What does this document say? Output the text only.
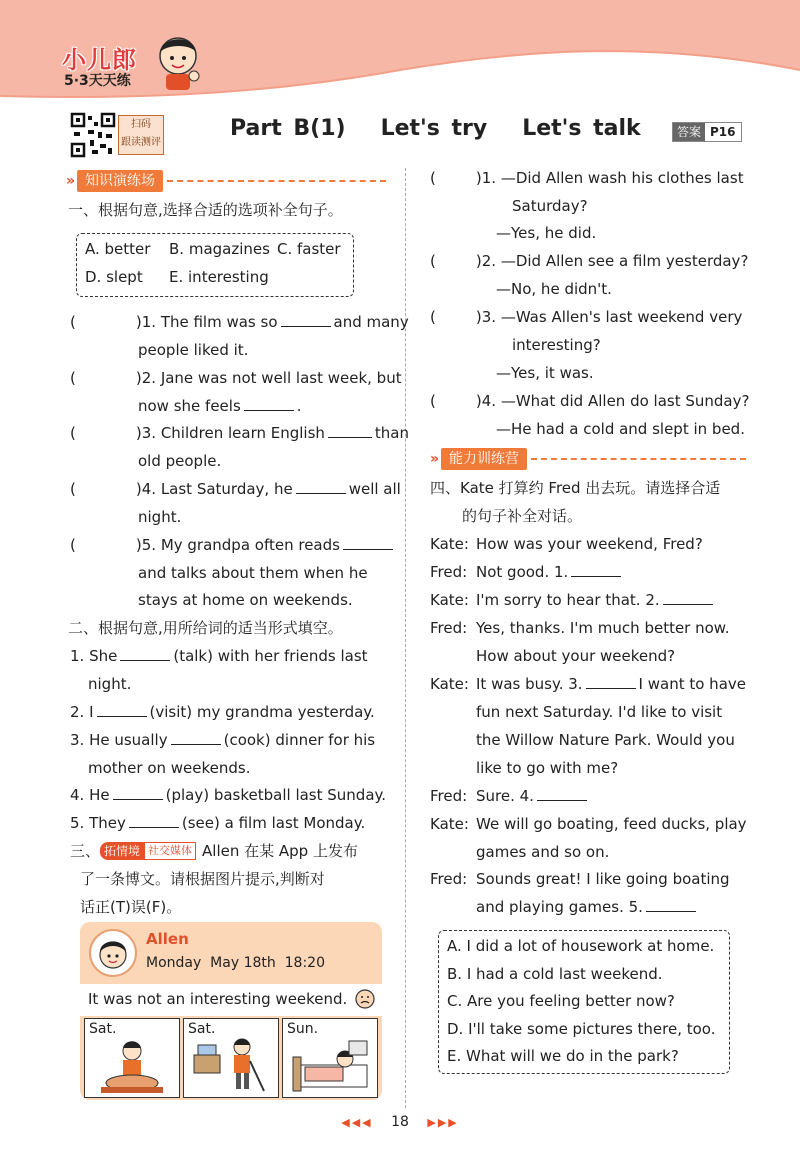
小儿郎
5·3天天练
扫码
跟读测评
Part B(1)   Let's try   Let's talk	答案 P16
» 知识演练场
一、根据句意,选择合适的选项补全句子。
A. better B. magazines C. faster
D. slept E. interesting
(	)1. The film was so	and many
people liked it.
(	)2. Jane was not well last week, but
now she feels	.
(	)3. Children learn English	than
old people.
(	)4. Last Saturday, he	well all
night.
(	)5. My grandpa often reads
and talks about them when he
stays at home on weekends.
二、根据句意,用所给词的适当形式填空。
1. She	(talk) with her friends last
night.
2. I	(visit) my grandma yesterday.
3. He usually	(cook) dinner for his
mother on weekends.
4. He	(play) basketball last Sunday.
5. They	(see) a film last Monday.
三、 拓情境 社交媒体 Allen 在某 App 上发布
了一条博文。请根据图片提示,判断对
话正(T)误(F)。
Allen
Monday  May 18th  18:20
It was not an interesting weekend.
Sat.	Sat.	Sun.
(	)1. —Did Allen wash his clothes last
Saturday?
—Yes, he did.
(	)2. —Did Allen see a film yesterday?
—No, he didn't.
(	)3. —Was Allen's last weekend very
interesting?
—Yes, it was.
(	)4. —What did Allen do last Sunday?
—He had a cold and slept in bed.
» 能力训练营
四、Kate 打算约 Fred 出去玩。请选择合适
的句子补全对话。
Kate: How was your weekend, Fred?
Fred: Not good. 1.
Kate: I'm sorry to hear that. 2.
Fred: Yes, thanks. I'm much better now.
How about your weekend?
Kate: It was busy. 3.	I want to have
fun next Saturday. I'd like to visit
the Willow Nature Park. Would you
like to go with me?
Fred: Sure. 4.
Kate: We will go boating, feed ducks, play
games and so on.
Fred: Sounds great! I like going boating
and playing games. 5.
A. I did a lot of housework at home.
B. I had a cold last weekend.
C. Are you feeling better now?
D. I'll take some pictures there, too.
E. What will we do in the park?
◀◀◀ 18 ▶▶▶
